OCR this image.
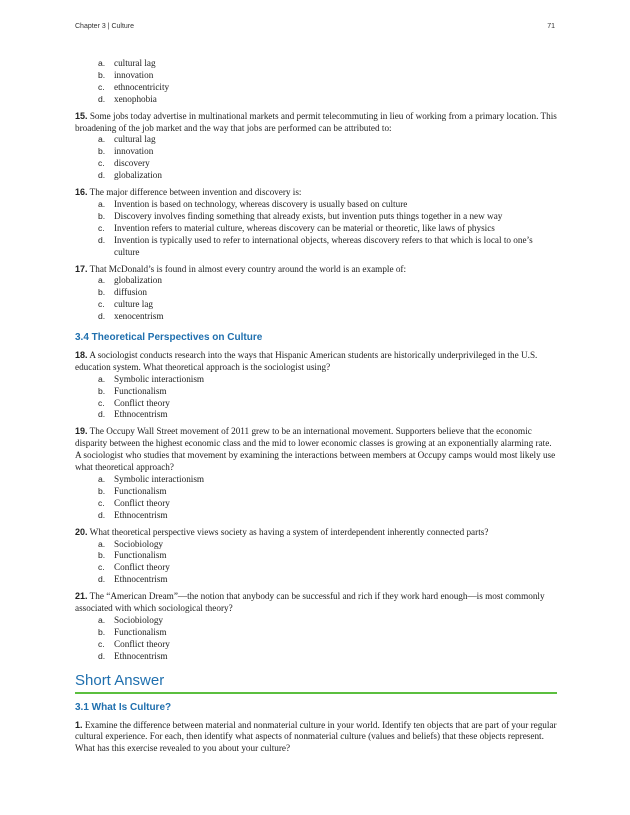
Chapter 3 | Culture	71
a. cultural lag
b. innovation
c. ethnocentricity
d. xenophobia

15. Some jobs today advertise in multinational markets and permit telecommuting in lieu of working from a primary location. This broadening of the job market and the way that jobs are performed can be attributed to:

a. cultural lag
b. innovation
c. discovery
d. globalization

16. The major difference between invention and discovery is:

a. Invention is based on technology, whereas discovery is usually based on culture
b. Discovery involves finding something that already exists, but invention puts things together in a new way
c. Invention refers to material culture, whereas discovery can be material or theoretic, like laws of physics
d. Invention is typically used to refer to international objects, whereas discovery refers to that which is local to one’s culture

17. That McDonald’s is found in almost every country around the world is an example of:

a. globalization
b. diffusion
c. culture lag
d. xenocentrism
3.4 Theoretical Perspectives on Culture

18. A sociologist conducts research into the ways that Hispanic American students are historically underprivileged in the U.S. education system. What theoretical approach is the sociologist using?

a. Symbolic interactionism
b. Functionalism
c. Conflict theory
d. Ethnocentrism

19. The Occupy Wall Street movement of 2011 grew to be an international movement. Supporters believe that the economic disparity between the highest economic class and the mid to lower economic classes is growing at an exponentially alarming rate. A sociologist who studies that movement by examining the interactions between members at Occupy camps would most likely use what theoretical approach?

a. Symbolic interactionism
b. Functionalism
c. Conflict theory
d. Ethnocentrism

20. What theoretical perspective views society as having a system of interdependent inherently connected parts?

a. Sociobiology
b. Functionalism
c. Conflict theory
d. Ethnocentrism

21. The “American Dream”—the notion that anybody can be successful and rich if they work hard enough—is most commonly associated with which sociological theory?

a. Sociobiology
b. Functionalism
c. Conflict theory
d. Ethnocentrism
Short Answer
3.1 What Is Culture?

1. Examine the difference between material and nonmaterial culture in your world. Identify ten objects that are part of your regular cultural experience. For each, then identify what aspects of nonmaterial culture (values and beliefs) that these objects represent. What has this exercise revealed to you about your culture?
